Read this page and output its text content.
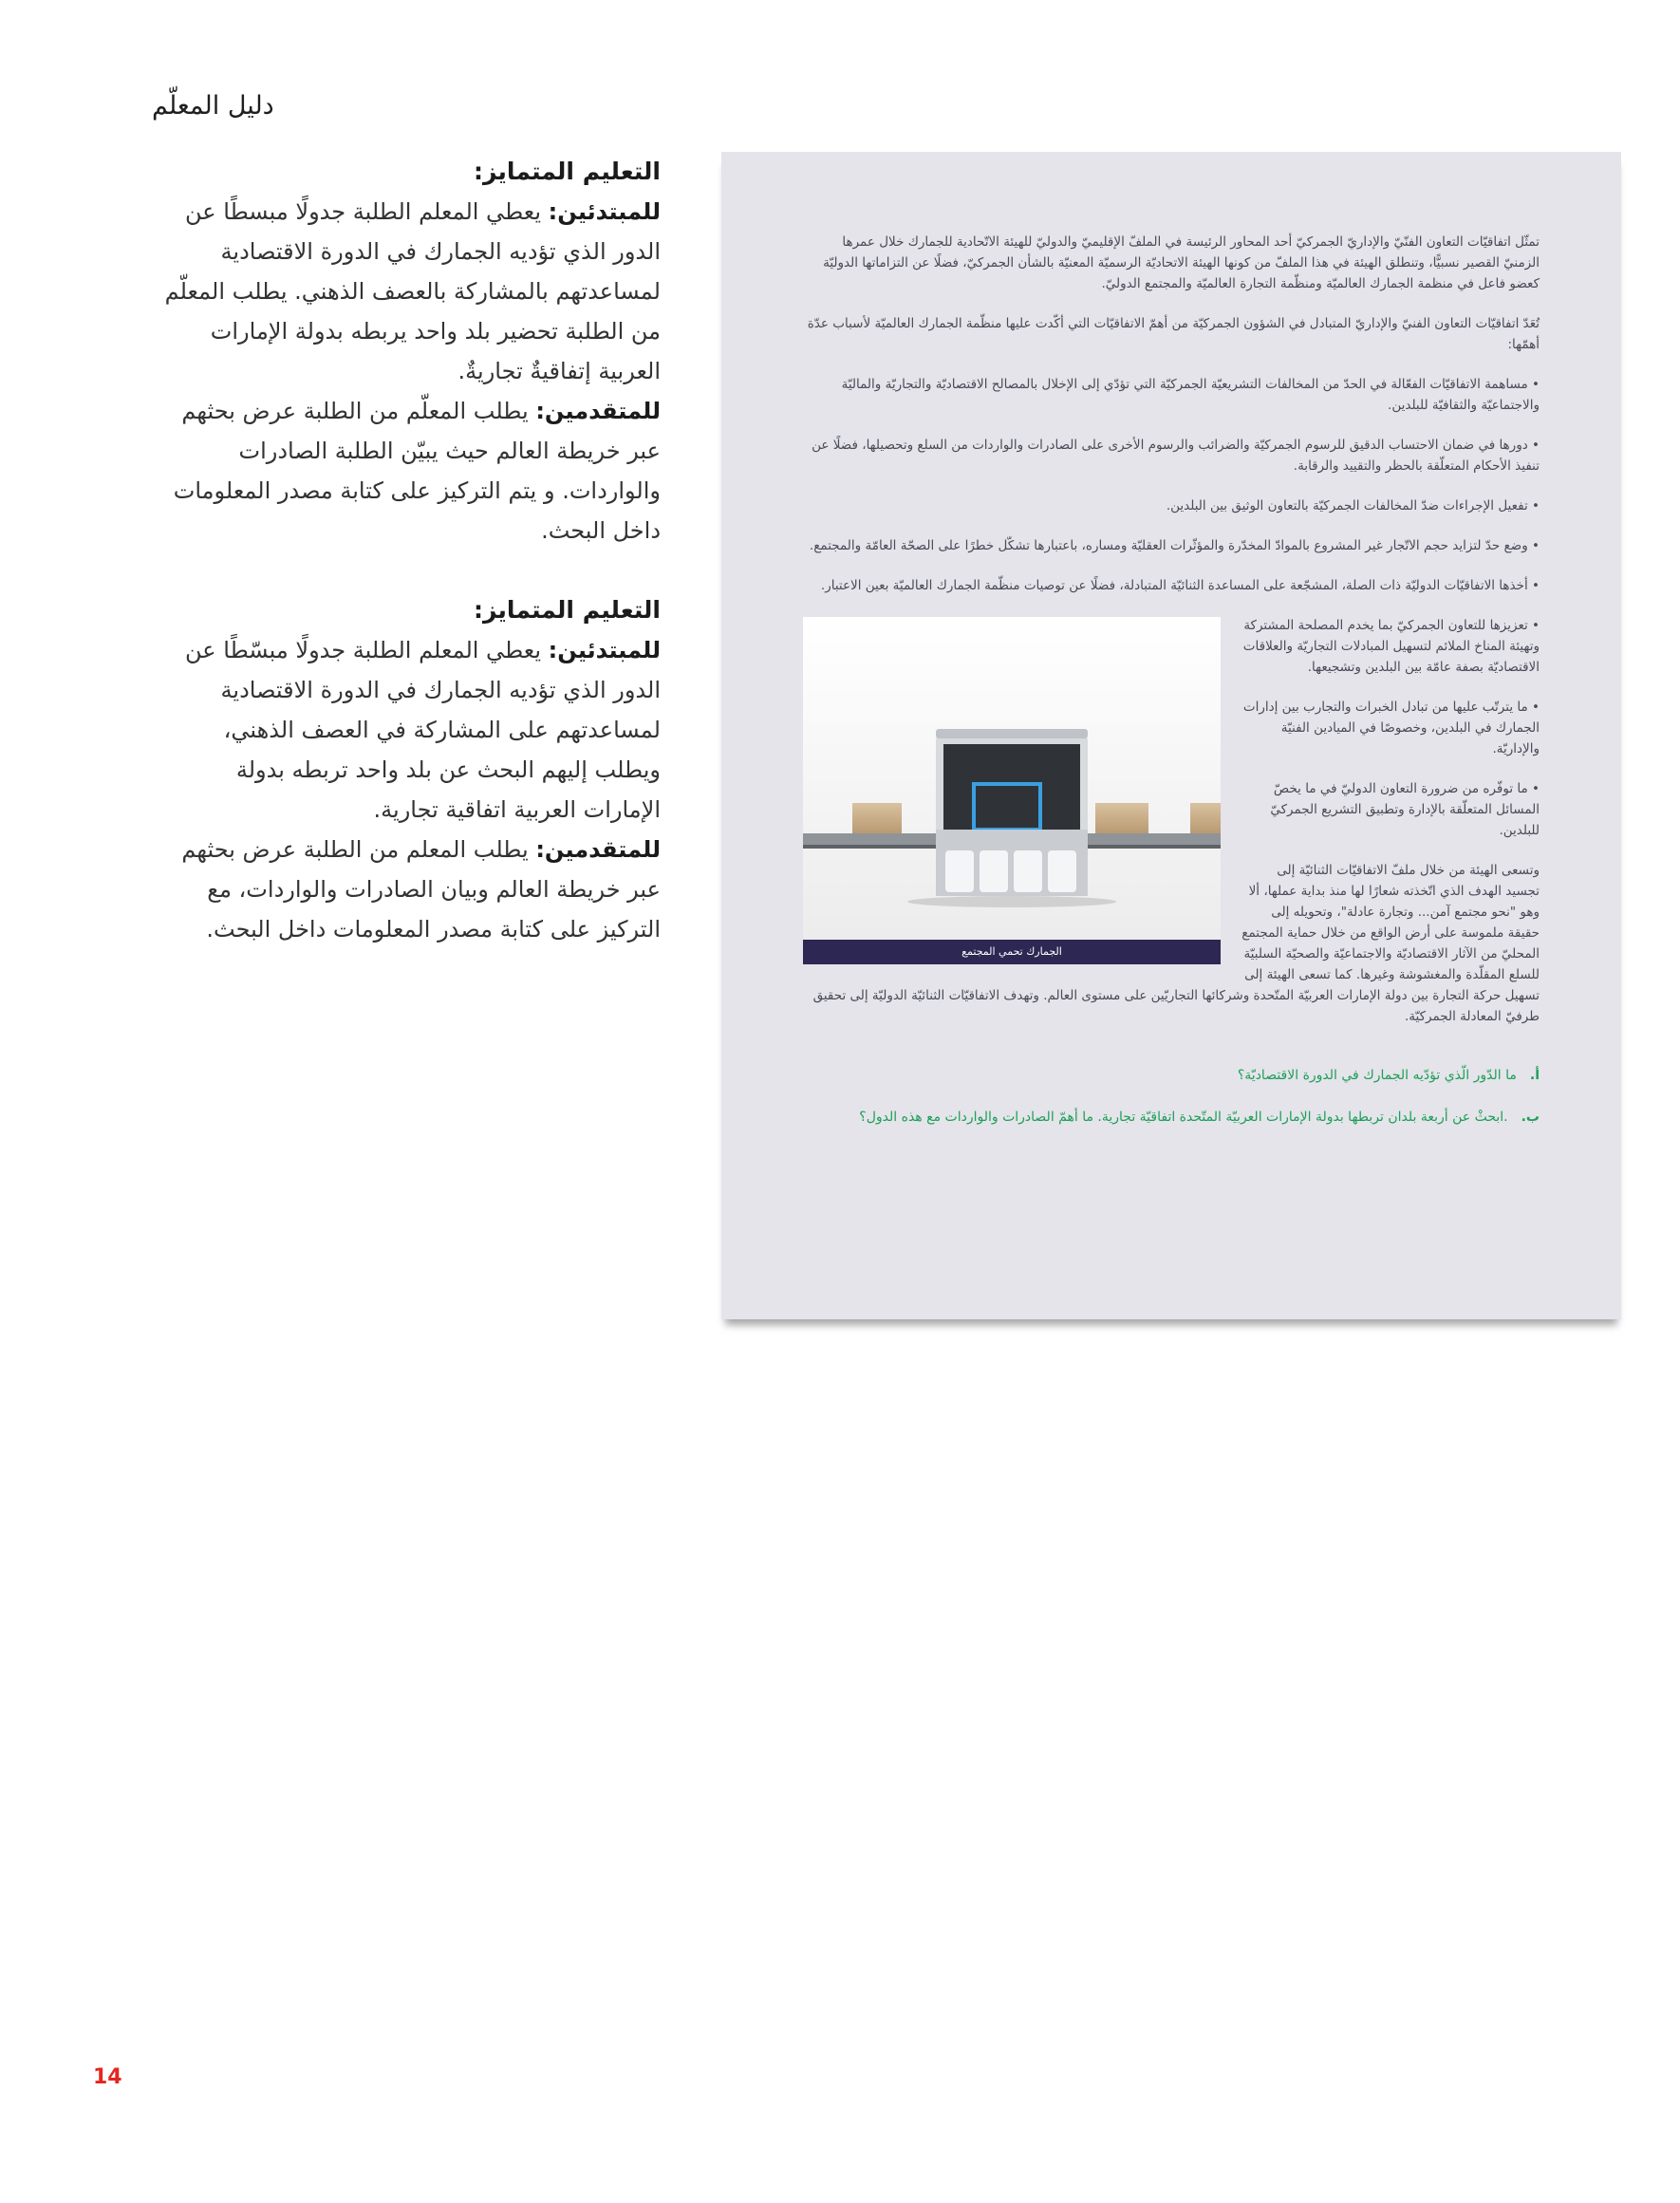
دليل المعلّم

التعليم المتمايز:

للمبتدئين: يعطي المعلم الطلبة جدولًا مبسطًا عن الدور الذي تؤديه الجمارك في الدورة الاقتصادية لمساعدتهم بالمشاركة بالعصف الذهني. يطلب المعلّم من الطلبة تحضير بلد واحد يربطه بدولة الإمارات العربية إتفاقيةٌ تجاريةٌ.

للمتقدمين: يطلب المعلّم من الطلبة عرض بحثهم عبر خريطة العالم حيث يبيّن الطلبة الصادرات والواردات. و يتم التركيز على كتابة مصدر المعلومات داخل البحث.

التعليم المتمايز:

للمبتدئين: يعطي المعلم الطلبة جدولًا مبسّطًا عن الدور الذي تؤديه الجمارك في الدورة الاقتصادية لمساعدتهم على المشاركة في العصف الذهني، ويطلب إليهم البحث عن بلد واحد تربطه بدولة الإمارات العربية اتفاقية تجارية.

للمتقدمين: يطلب المعلم من الطلبة عرض بحثهم عبر خريطة العالم وبيان الصادرات والواردات، مع التركيز على كتابة مصدر المعلومات داخل البحث.

تمثّل اتفاقيّات التعاون الفنّيّ والإداريّ الجمركيّ أحد المحاور الرئيسة في الملفّ الإقليميّ والدوليّ للهيئة الاتّحادية للجمارك خلال عمرها الزمنيّ القصير نسبيًّا، وتنطلق الهيئة في هذا الملفّ من كونها الهيئة الاتحاديّة الرسميّة المعنيّة بالشأن الجمركيّ، فضلًا عن التزاماتها الدوليّة كعضو فاعل في منظمة الجمارك العالميّة ومنظّمة التجارة العالميّة والمجتمع الدوليّ.

تُعَدّ اتفاقيّات التعاون الفنيّ والإداريّ المتبادل في الشؤون الجمركيّة من أهمّ الاتفاقيّات التي أكّدت عليها منظّمة الجمارك العالميّة لأسباب عدّة أهمّها:

• مساهمة الاتفاقيّات الفعّالة في الحدّ من المخالفات التشريعيّة الجمركيّة التي تؤدّي إلى الإخلال بالمصالح الاقتصاديّة والتجاريّة والماليّة والاجتماعيّة والثقافيّة للبلدين.

• دورها في ضمان الاحتساب الدقيق للرسوم الجمركيّة والضرائب والرسوم الأخرى على الصادرات والواردات من السلع وتحصيلها، فضلًا عن تنفيذ الأحكام المتعلّقة بالحظر والتقييد والرقابة.

• تفعيل الإجراءات ضدّ المخالفات الجمركيّة بالتعاون الوثيق بين البلدين.

• وضع حدّ لتزايد حجم الاتّجار غير المشروع بالموادّ المخدّرة والمؤثّرات العقليّة ومساره، باعتبارها تشكّل خطرًا على الصحّة العامّة والمجتمع.

• أخذها الاتفاقيّات الدوليّة ذات الصلة، المشجّعة على المساعدة الثنائيّة المتبادلة، فضلًا عن توصيات منظّمة الجمارك العالميّة بعين الاعتبار.

الجمارك تحمي المجتمع

• تعزيزها للتعاون الجمركيّ بما يخدم المصلحة المشتركة وتهيئة المناخ الملائم لتسهيل المبادلات التجاريّة والعلاقات الاقتصاديّة بصفة عامّة بين البلدين وتشجيعها.

• ما يترتّب عليها من تبادل الخبرات والتجارب بين إدارات الجمارك في البلدين، وخصوصًا في الميادين الفنيّة والإداريّة.

• ما توفّره من ضرورة التعاون الدوليّ في ما يخصّ المسائل المتعلّقة بالإدارة وتطبيق التشريع الجمركيّ للبلدين.

وتسعى الهيئة من خلال ملفّ الاتفاقيّات الثنائيّة إلى تجسيد الهدف الذي اتّخذته شعارًا لها منذ بداية عملها، ألا وهو "نحو مجتمع آمن... وتجارة عادلة"، وتحويله إلى حقيقة ملموسة على أرض الواقع من خلال حماية المجتمع المحليّ من الآثار الاقتصاديّة والاجتماعيّة والصحيّة السلبيّة للسلع المقلّدة والمغشوشة وغيرها. كما تسعى الهيئة إلى تسهيل حركة التجارة بين دولة الإمارات العربيّة المتّحدة وشركائها التجاريّين على مستوى العالم. وتهدف الاتفاقيّات الثنائيّة الدوليّة إلى تحقيق طرفيّ المعادلة الجمركيّة.

أ.ما الدّور الّذي تؤدّيه الجمارك في الدورة الاقتصاديّة؟

ب..ابحثْ عن أربعة بلدان تربطها بدولة الإمارات العربيّة المتّحدة اتفاقيّة تجارية. ما أهمّ الصادرات والواردات مع هذه الدول؟

14
